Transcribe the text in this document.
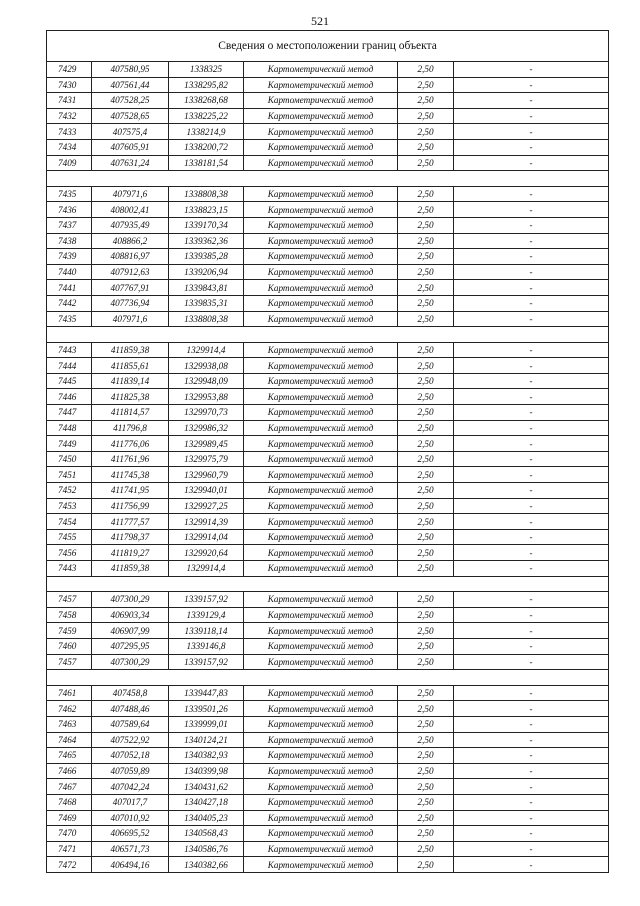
521
Сведения о местоположении границ объекта					
7429	407580,95	1338325	Картометрический метод	2,50	-
7430	407561,44	1338295,82	Картометрический метод	2,50	-
7431	407528,25	1338268,68	Картометрический метод	2,50	-
7432	407528,65	1338225,22	Картометрический метод	2,50	-
7433	407575,4	1338214,9	Картометрический метод	2,50	-
7434	407605,91	1338200,72	Картометрический метод	2,50	-
7409	407631,24	1338181,54	Картометрический метод	2,50	-

7435	407971,6	1338808,38	Картометрический метод	2,50	-
7436	408002,41	1338823,15	Картометрический метод	2,50	-
7437	407935,49	1339170,34	Картометрический метод	2,50	-
7438	408866,2	1339362,36	Картометрический метод	2,50	-
7439	408816,97	1339385,28	Картометрический метод	2,50	-
7440	407912,63	1339206,94	Картометрический метод	2,50	-
7441	407767,91	1339843,81	Картометрический метод	2,50	-
7442	407736,94	1339835,31	Картометрический метод	2,50	-
7435	407971,6	1338808,38	Картометрический метод	2,50	-

7443	411859,38	1329914,4	Картометрический метод	2,50	-
7444	411855,61	1329938,08	Картометрический метод	2,50	-
7445	411839,14	1329948,09	Картометрический метод	2,50	-
7446	411825,38	1329953,88	Картометрический метод	2,50	-
7447	411814,57	1329970,73	Картометрический метод	2,50	-
7448	411796,8	1329986,32	Картометрический метод	2,50	-
7449	411776,06	1329989,45	Картометрический метод	2,50	-
7450	411761,96	1329975,79	Картометрический метод	2,50	-
7451	411745,38	1329960,79	Картометрический метод	2,50	-
7452	411741,95	1329940,01	Картометрический метод	2,50	-
7453	411756,99	1329927,25	Картометрический метод	2,50	-
7454	411777,57	1329914,39	Картометрический метод	2,50	-
7455	411798,37	1329914,04	Картометрический метод	2,50	-
7456	411819,27	1329920,64	Картометрический метод	2,50	-
7443	411859,38	1329914,4	Картометрический метод	2,50	-

7457	407300,29	1339157,92	Картометрический метод	2,50	-
7458	406903,34	1339129,4	Картометрический метод	2,50	-
7459	406907,99	1339118,14	Картометрический метод	2,50	-
7460	407295,95	1339146,8	Картометрический метод	2,50	-
7457	407300,29	1339157,92	Картометрический метод	2,50	-

7461	407458,8	1339447,83	Картометрический метод	2,50	-
7462	407488,46	1339501,26	Картометрический метод	2,50	-
7463	407589,64	1339999,01	Картометрический метод	2,50	-
7464	407522,92	1340124,21	Картометрический метод	2,50	-
7465	407052,18	1340382,93	Картометрический метод	2,50	-
7466	407059,89	1340399,98	Картометрический метод	2,50	-
7467	407042,24	1340431,62	Картометрический метод	2,50	-
7468	407017,7	1340427,18	Картометрический метод	2,50	-
7469	407010,92	1340405,23	Картометрический метод	2,50	-
7470	406695,52	1340568,43	Картометрический метод	2,50	-
7471	406571,73	1340586,76	Картометрический метод	2,50	-
7472	406494,16	1340382,66	Картометрический метод	2,50	-
